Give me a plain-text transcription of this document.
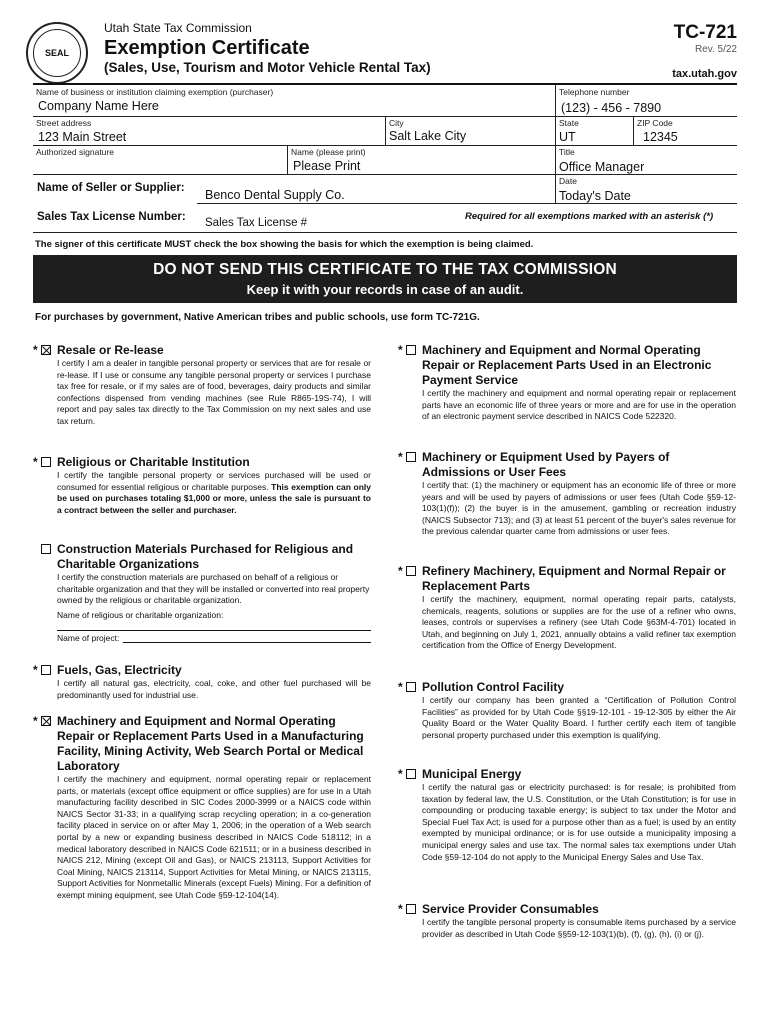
SEAL
Utah State Tax Commission
Exemption Certificate
(Sales, Use, Tourism and Motor Vehicle Rental Tax)
TC-721
Rev. 5/22
tax.utah.gov
Name of business or institution claiming exemption (purchaser)
Company Name Here
Telephone number
(123) - 456 - 7890
Street address
123 Main Street
City
Salt Lake City
State
UT
ZIP Code
12345
Authorized signature	Name (please print)
Please Print
Title
Office Manager
Date
Today's Date
Name of Seller or Supplier: Benco Dental Supply Co.
Sales Tax License Number: Sales Tax License #
Required for all exemptions marked with an asterisk (*)
The signer of this certificate MUST check the box showing the basis for which the exemption is being claimed.
DO NOT SEND THIS CERTIFICATE TO THE TAX COMMISSION
Keep it with your records in case of an audit.
For purchases by government, Native American tribes and public schools, use form TC-721G.
* Resale or Re-lease
I certify I am a dealer in tangible personal property or services that are for resale or re-lease. If I use or consume any tangible personal property or services I purchase tax free for resale, or if my sales are of food, beverages, dairy products and similar confections dispensed from vending machines (see Rule R865-19S-74), I will report and pay sales tax directly to the Tax Commission on my next sales and use tax return.
* Religious or Charitable Institution
I certify the tangible personal property or services purchased will be used or consumed for essential religious or charitable purposes. This exemption can only be used on purchases totaling $1,000 or more, unless the sale is pursuant to a contract between the seller and purchaser.
Construction Materials Purchased for Religious and Charitable Organizations
I certify the construction materials are purchased on behalf of a religious or charitable organization and that they will be installed or converted into real property owned by the religious or charitable organization.
Name of religious or charitable organization:
Name of project:
* Fuels, Gas, Electricity
I certify all natural gas, electricity, coal, coke, and other fuel purchased will be predominantly used for industrial use.
* Machinery and Equipment and Normal Operating Repair or Replacement Parts Used in a Manufacturing Facility, Mining Activity, Web Search Portal or Medical Laboratory
I certify the machinery and equipment, normal operating repair or replacement parts, or materials (except office equipment or office supplies) are for use in a Utah manufacturing facility described in SIC Codes 2000-3999 or a NAICS code within NAICS Sector 31-33; in a qualifying scrap recycling operation; in a co-generation facility placed in service on or after May 1, 2006; in the operation of a Web search portal by a new or expanding business described in NAICS Code 518112; in a medical laboratory described in NAICS Code 621511; or in a business described in NAICS 212, Mining (except Oil and Gas), or NAICS 213113, Support Activities for Coal Mining, NAICS 213114, Support Activities for Metal Mining, or NAICS 213115, Support Activities for Nonmetallic Minerals (except Fuels) Mining. For a definition of exempt mining equipment, see Utah Code §59-12-104(14).
* Machinery and Equipment and Normal Operating Repair or Replacement Parts Used in an Electronic Payment Service
I certify the machinery and equipment and normal operating repair or replacement parts have an economic life of three years or more and are for use in the operation of an electronic payment service described in NAICS Code 522320.
* Machinery or Equipment Used by Payers of Admissions or User Fees
I certify that: (1) the machinery or equipment has an economic life of three or more years and will be used by payers of admissions or user fees (Utah Code §59-12-103(1)(f)); (2) the buyer is in the amusement, gambling or recreation industry (NAICS Subsector 713); and (3) at least 51 percent of the buyer's sales revenue for the previous calendar quarter came from admissions or user fees.
* Refinery Machinery, Equipment and Normal Repair or Replacement Parts
I certify the machinery, equipment, normal operating repair parts, catalysts, chemicals, reagents, solutions or supplies are for the use of a refiner who owns, leases, controls or supervises a refinery (see Utah Code §63M-4-701) located in Utah, and beginning on July 1, 2021, annually obtains a valid refiner tax exemption certification from the Office of Energy Development.
* Pollution Control Facility
I certify our company has been granted a “Certification of Pollution Control Facilities” as provided for by Utah Code §§19-12-101 - 19-12-305 by either the Air Quality Board or the Water Quality Board. I further certify each item of tangible personal property purchased under this exemption is qualifying.
* Municipal Energy
I certify the natural gas or electricity purchased: is for resale; is prohibited from taxation by federal law, the U.S. Constitution, or the Utah Constitution; is for use in compounding or producing taxable energy; is subject to tax under the Motor and Special Fuel Tax Act; is used for a purpose other than as a fuel; is used by an entity exempted by municipal ordinance; or is for use outside a municipality imposing a municipal energy sales and use tax. The normal sales tax exemptions under Utah Code §59-12-104 do not apply to the Municipal Energy Sales and Use Tax.
* Service Provider Consumables
I certify the tangible personal property is consumable items purchased by a service provider as described in Utah Code §§59-12-103(1)(b), (f), (g), (h), (i) or (j).
